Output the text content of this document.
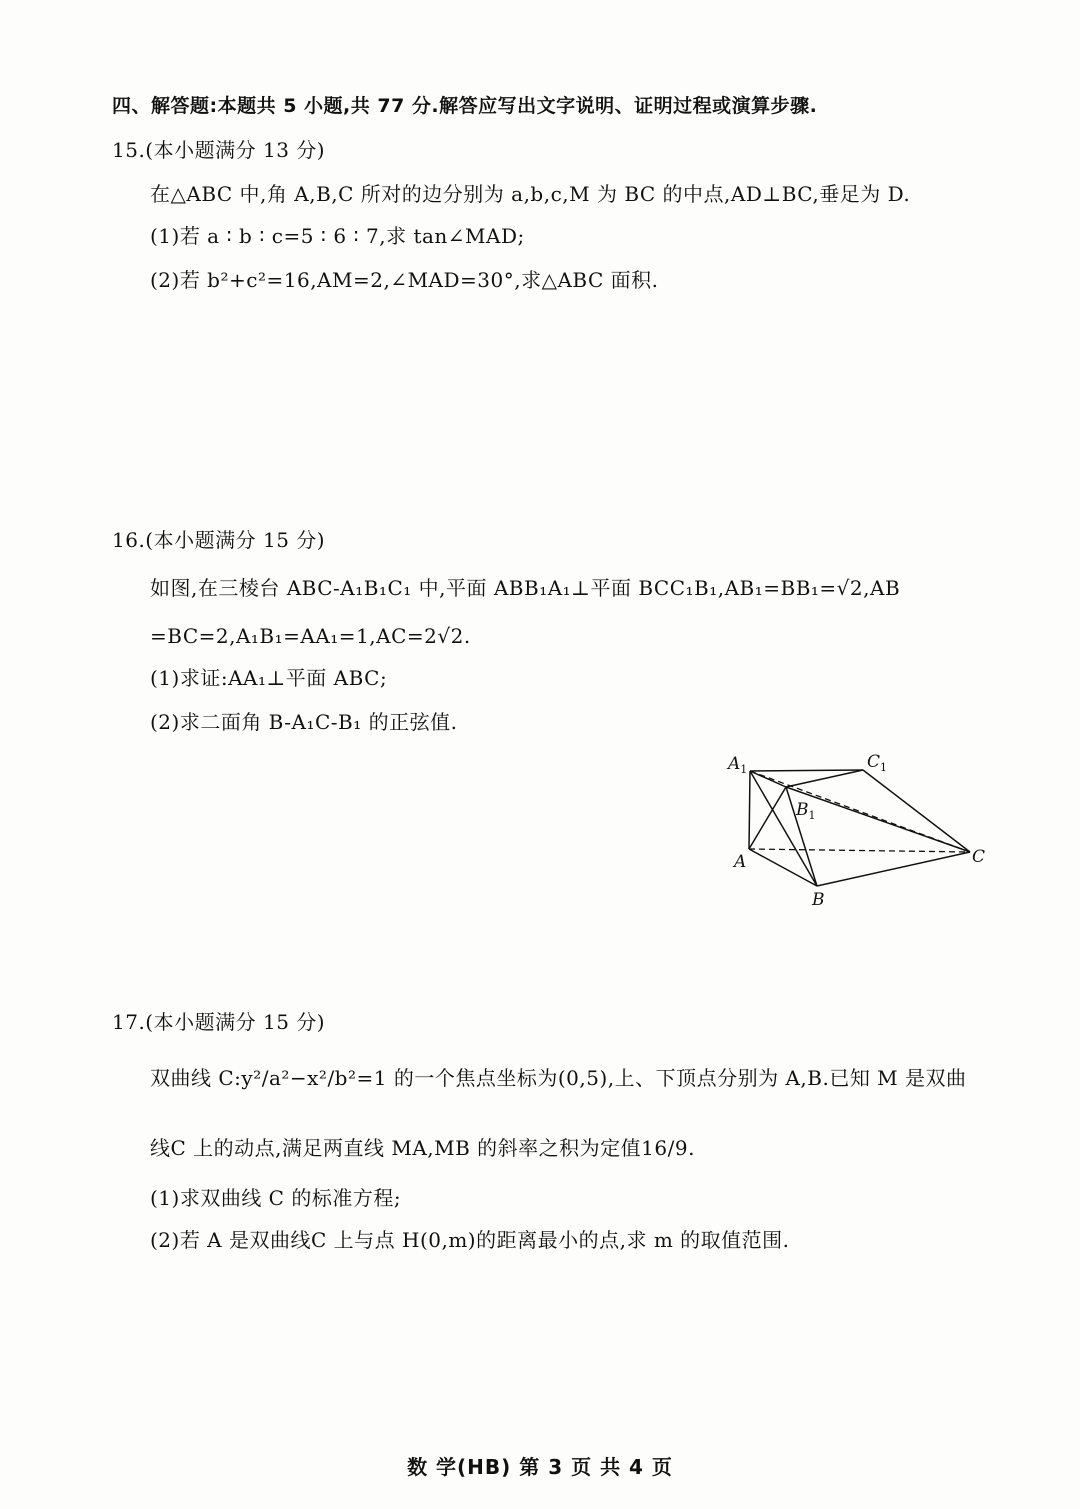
四、解答题:本题共 5 小题,共 77 分.解答应写出文字说明、证明过程或演算步骤.
15.(本小题满分 13 分)
在△ABC 中,角 A,B,C 所对的边分别为 a,b,c,M 为 BC 的中点,AD⊥BC,垂足为 D.
(1)若 a ∶ b ∶ c=5 ∶ 6 ∶ 7,求 tan∠MAD;
(2)若 b²+c²=16,AM=2,∠MAD=30°,求△ABC 面积.
16.(本小题满分 15 分)
如图,在三棱台 ABC-A₁B₁C₁ 中,平面 ABB₁A₁⊥平面 BCC₁B₁,AB₁=BB₁=√2,AB
=BC=2,A₁B₁=AA₁=1,AC=2√2.
(1)求证:AA₁⊥平面 ABC;
(2)求二面角 B-A₁C-B₁ 的正弦值.
$A_1$	$C_1$
$B_1$
A
B
C
17.(本小题满分 15 分)
双曲线 C:y²/a²−x²/b²=1 的一个焦点坐标为(0,5),上、下顶点分别为 A,B.已知 M 是双曲
线C 上的动点,满足两直线 MA,MB 的斜率之积为定值16/9.
(1)求双曲线 C 的标准方程;
(2)若 A 是双曲线C 上与点 H(0,m)的距离最小的点,求 m 的取值范围.
数 学(HB) 第 3 页 共 4 页
